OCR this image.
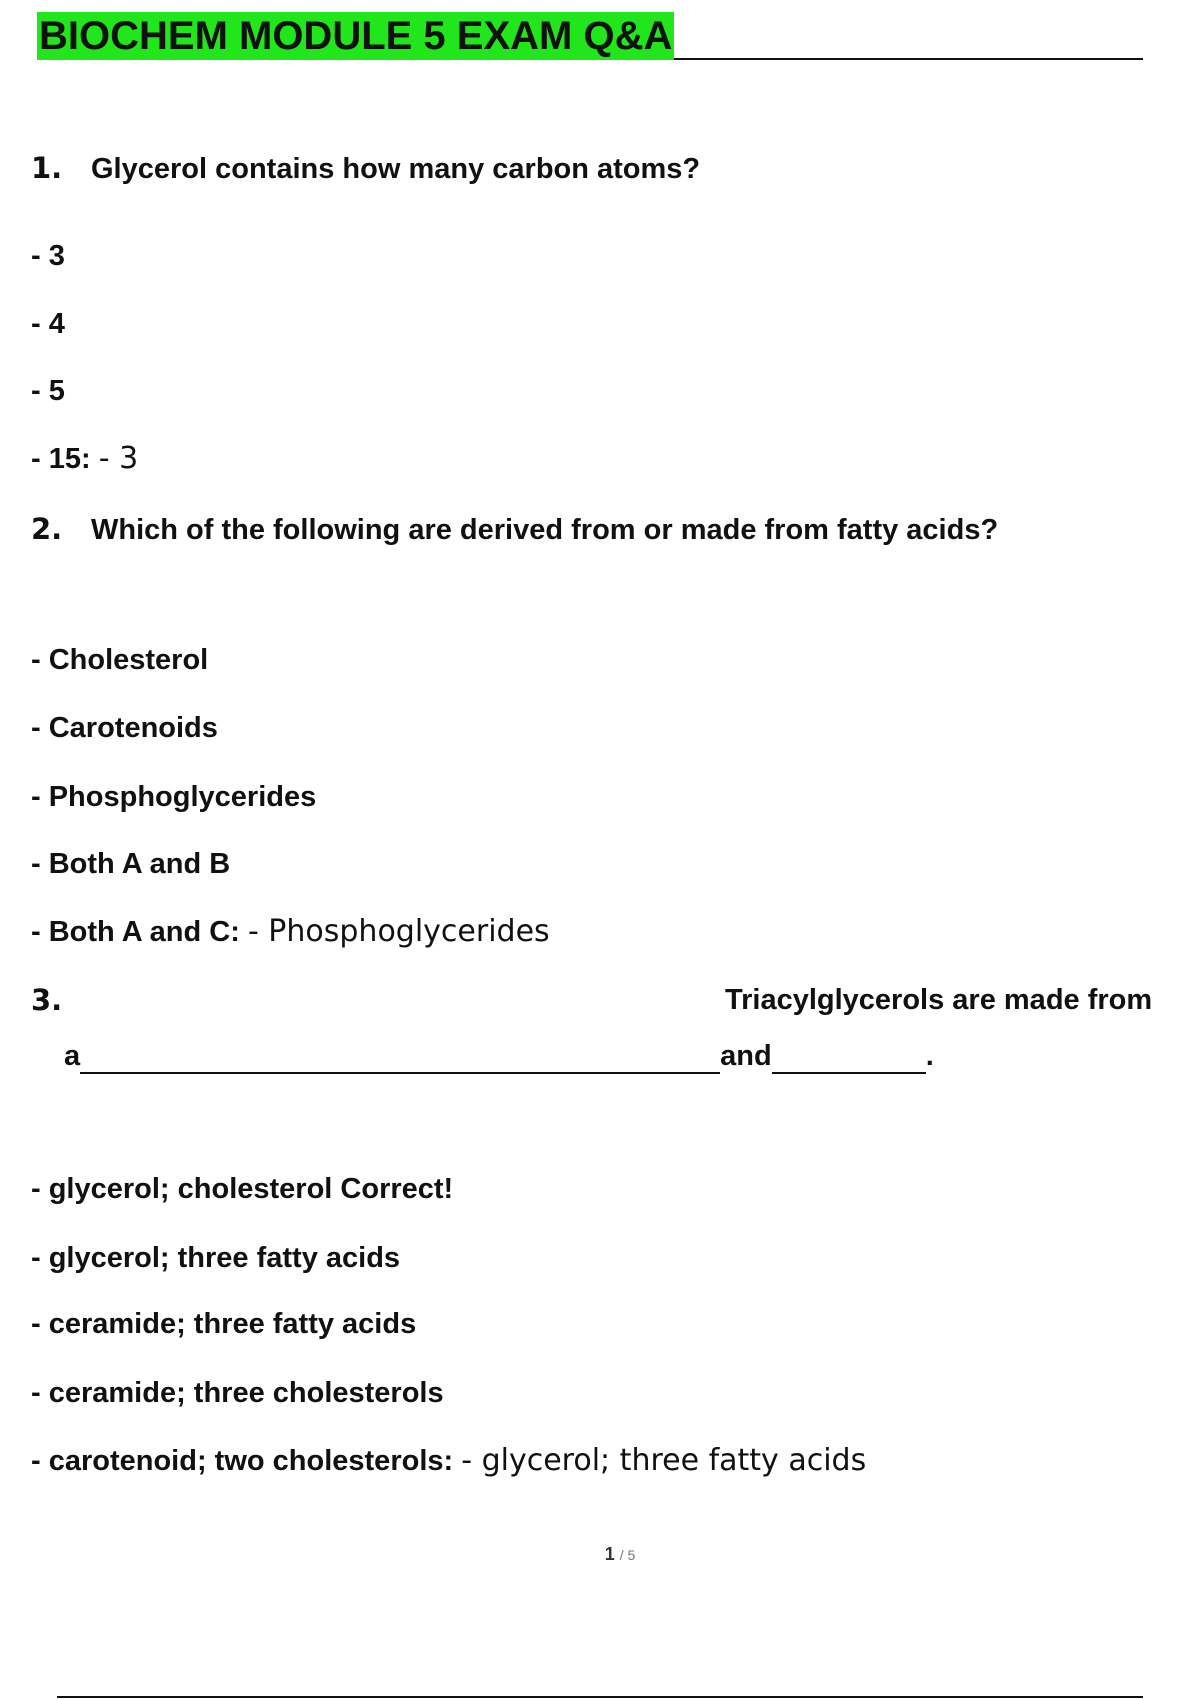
BIOCHEM MODULE 5 EXAM Q&A
1. Glycerol contains how many carbon atoms?
- 3
- 4
- 5
- 15: - 3
2. Which of the following are derived from or made from fatty acids?
- Cholesterol
- Carotenoids
- Phosphoglycerides
- Both A and B
- Both A and C: - Phosphoglycerides
3.	Triacylglycerols are made from
a	and	.
- glycerol; cholesterol Correct!
- glycerol; three fatty acids
- ceramide; three fatty acids
- ceramide; three cholesterols
- carotenoid; two cholesterols: - glycerol; three fatty acids
1 / 5
